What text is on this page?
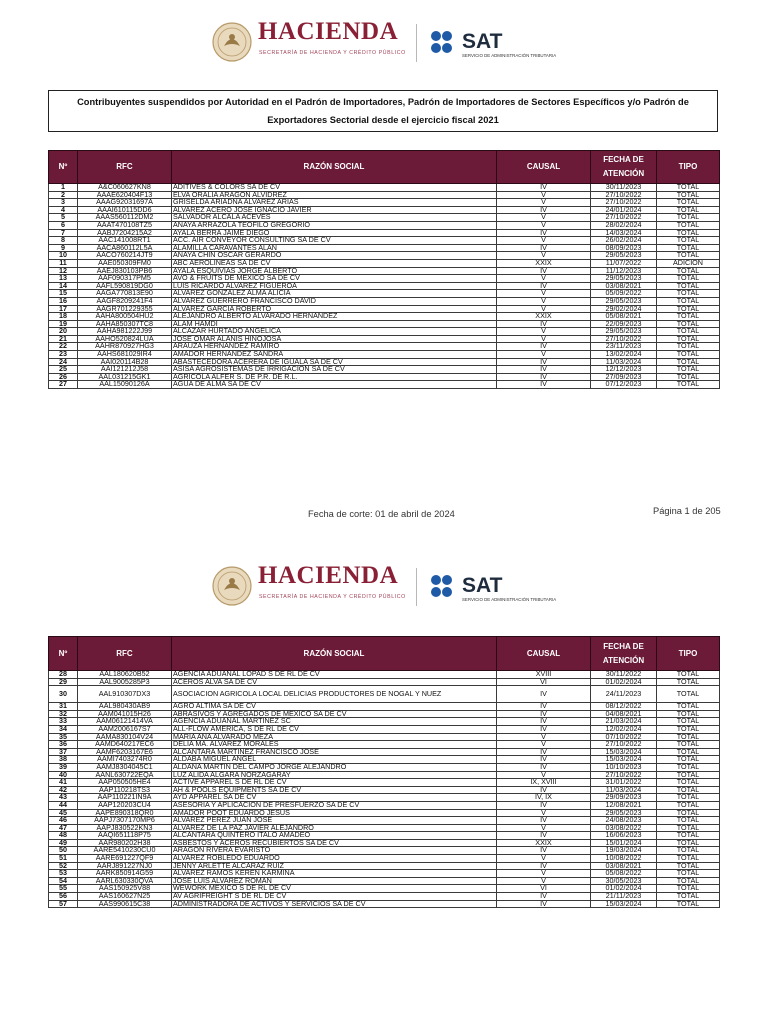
HACIENDA
SECRETARÍA DE HACIENDA Y CRÉDITO PÚBLICO	SAT
SERVICIO DE ADMINISTRACIÓN TRIBUTARIA
Contribuyentes suspendidos por Autoridad en el Padrón de Importadores, Padrón de Importadores de Sectores Específicos y/o Padrón de Exportadores Sectorial desde el ejercicio fiscal 2021
Nº	RFC	RAZÓN SOCIAL	CAUSAL	FECHA DE ATENCIÓN	TIPO
1	A&C060627KN8	ADITIVES & COLORS SA DE CV	IV	30/11/2023	TOTAL
2	AAAE620404F13	ELVA ORALIA ARAGON ALVIDREZ	V	27/10/2022	TOTAL
3	AAAG92031697A	GRISELDA ARIADNA ALVAREZ ARIAS	V	27/10/2022	TOTAL
4	AAAI610115DD6	ALVAREZ ACERO JOSE IGNACIO JAVIER	IV	24/01/2024	TOTAL
5	AAAS560112DM2	SALVADOR ALCALA ACEVES	V	27/10/2022	TOTAL
6	AAAT470108TZ5	ANAYA ARRAZOLA TEOFILO GREGORIO	V	28/02/2024	TOTAL
7	AABJ7204215A2	AYALA BERRA JAIME DIEGO	IV	14/03/2024	TOTAL
8	AAC141008RT1	ACC. AIR CONVEYOR CONSULTING SA DE CV	V	26/02/2024	TOTAL
9	AACA860112L5A	ALAMILLA CARAVANTES ALAN	IV	08/09/2023	TOTAL
10	AACO760214JT9	ANAYA CHIN OSCAR GERARDO	V	29/05/2023	TOTAL
11	AAE050309FM0	ABC AEROLINEAS SA DE CV	XXIX	11/07/2022	ADICION
12	AAEJ830103PB6	AYALA ESQUIVIAS JORGE ALBERTO	IV	11/12/2023	TOTAL
13	AAF090317PM5	AVO & FRUITS DE MEXICO SA DE CV	V	29/05/2023	TOTAL
14	AAFL590819DG0	LUIS RICARDO ALVAREZ FIGUEROA	IV	03/08/2021	TOTAL
15	AAGA770813E90	ALVAREZ GONZALEZ ALMA ALICIA	V	05/09/2022	TOTAL
16	AAGF8209241F4	ALVAREZ GUERRERO FRANCISCO DAVID	V	29/05/2023	TOTAL
17	AAGR701229355	ALVAREZ GARCIA ROBERTO	V	29/02/2024	TOTAL
18	AAHA800504HU2	ALEJANDRO ALBERTO ALVARADO HERNANDEZ	XXIX	05/08/2021	TOTAL
19	AAHA850307TC8	ALAM HAMDI	IV	22/09/2023	TOTAL
20	AAHA981222J99	ALCAZAR HURTADO ANGELICA	V	29/05/2023	TOTAL
21	AAHO520824LUA	JOSE OMAR ALANIS HINOJOSA	V	27/10/2022	TOTAL
22	AAHR870927HG3	ARAUZA HERNANDEZ RAMIRO	IV	23/11/2023	TOTAL
23	AAHS681029IR4	AMADOR HERNANDEZ SANDRA	V	13/02/2024	TOTAL
24	AAI020114B28	ABASTECEDORA ACERERA DE IGUALA SA DE CV	IV	11/03/2024	TOTAL
25	AAI121212J58	ASISA AGROSISTEMAS DE IRRIGACION SA DE CV	IV	12/12/2023	TOTAL
26	AAL031215GK1	AGRICOLA ALFER S. DE P.R. DE R.L.	IV	27/09/2023	TOTAL
27	AAL15090126A	AGUA DE ALMA SA DE CV	IV	07/12/2023	TOTAL
Fecha de corte: 01 de abril de 2024	Página 1 de 205
HACIENDA
SECRETARÍA DE HACIENDA Y CRÉDITO PÚBLICO	SAT
SERVICIO DE ADMINISTRACIÓN TRIBUTARIA
Nº	RFC	RAZÓN SOCIAL	CAUSAL	FECHA DE ATENCIÓN	TIPO
28	AAL180620B52	AGENCIA ADUANAL LOPAD S DE RL DE CV	XVIII	30/11/2022	TOTAL
29	AAL9005285P3	ACEROS ALVA SA DE CV	VI	01/02/2024	TOTAL
30	AAL910307DX3	ASOCIACION AGRICOLA LOCAL DELICIAS PRODUCTORES DE NOGAL Y NUEZ	IV	24/11/2023	TOTAL
31	AAL980430AB9	AGRO ALTIMA SA DE CV	IV	08/12/2022	TOTAL
32	AAM041015H26	ABRASIVOS Y AGREGADOS DE MEXICO SA DE CV	IV	04/08/2021	TOTAL
33	AAM06121414VA	AGENCIA ADUANAL MARTINEZ SC	IV	21/03/2024	TOTAL
34	AAM2006167S7	ALL-FLOW AMERICA, S DE RL DE CV	IV	12/02/2024	TOTAL
35	AAMA830104V24	MARIA ANA ALVARADO MEZA	V	07/10/2022	TOTAL
36	AAMD640217EC6	DELIA MA. ALVAREZ MORALES	V	27/10/2022	TOTAL
37	AAMF6203167E6	ALCANTARA MARTINEZ FRANCISCO JOSE	IV	15/03/2024	TOTAL
38	AAMI7403274R0	ALDABA MIGUEL ANGEL	IV	15/03/2024	TOTAL
39	AAMJ8304045C1	ALDANA MARTIN DEL CAMPO JORGE ALEJANDRO	IV	10/10/2023	TOTAL
40	AANL630722EQA	LUZ ALIDA ALGARA NORZAGARAY	V	27/10/2022	TOTAL
41	AAP050505HE4	ACTIVE APPAREL S DE RL DE CV	IX, XVIII	31/01/2022	TOTAL
42	AAP110218TS3	AH & POOLS EQUIPMENTS SA DE CV	IV	11/03/2024	TOTAL
43	AAP110221IN9A	AYD APPAREL SA DE CV	IV, IX	29/09/2023	TOTAL
44	AAP120203CU4	ASESORIA Y APLICACION DE PRESFUERZO SA DE CV	IV	12/08/2021	TOTAL
45	AAPE890318QR0	AMADOR POOT EDUARDO JESUS	V	29/05/2023	TOTAL
46	AAPJ7307170MP6	ALVAREZ PEREZ JUAN JOSE	IV	24/08/2023	TOTAL
47	AAPJ830522KN3	ALVAREZ DE LA PAZ JAVIER ALEJANDRO	V	03/08/2022	TOTAL
48	AAQI651118P75	ALCANTARA QUINTERO ITALO AMADEO	IV	16/06/2023	TOTAL
49	AAR980202H38	ASBESTOS Y ACEROS RECUBIERTOS SA DE CV	XXIX	15/01/2024	TOTAL
50	AARE5410230CU0	ARAGON RIVERA EVARISTO	IV	19/03/2024	TOTAL
51	AARE691227QF9	ALVAREZ ROBLEDO EDUARDO	V	10/08/2022	TOTAL
52	AARJ891227NJ0	JENNY ARLETTE ALCARAZ RUIZ	IV	03/08/2021	TOTAL
53	AARK850914G59	ALVAREZ RAMOS KEREN KARMINA	V	05/08/2022	TOTAL
54	AARL630330QVA	JOSE LUIS ALVAREZ ROMAN	V	30/05/2023	TOTAL
55	AAS150925V88	WEWORK MEXICO S DE RL DE CV	VI	01/02/2024	TOTAL
56	AAS160627N25	AV AGRIFREIGHT S DE RL DE CV	IV	21/11/2023	TOTAL
57	AAS990615C38	ADMINISTRADORA DE ACTIVOS Y SERVICIOS SA DE CV	IV	15/03/2024	TOTAL
